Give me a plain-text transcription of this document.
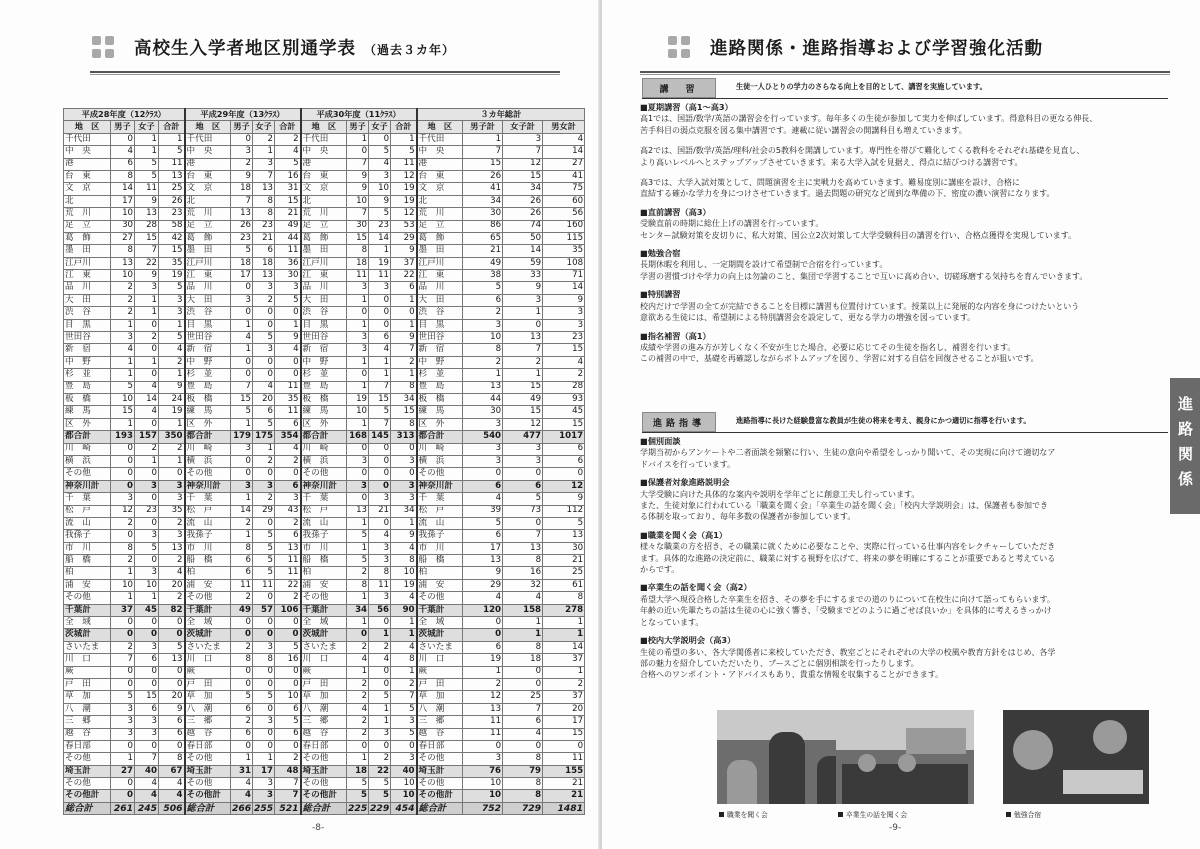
高校生入学者地区別通学表 （過去３カ年）
平成28年度（12ｸﾗｽ）				平成29年度（13ｸﾗｽ）				平成30年度（11ｸﾗｽ）				３カ年総計			
地　区	男子	女子	合計	地　区	男子	女子	合計	地　区	男子	女子	合計	地　区	男子計	女子計	男女計
千代田	0	1	1	千代田	0	2	2	千代田	1	0	1	千代田	1	3	4
中　央	4	1	5	中　央	3	1	4	中　央	0	5	5	中　央	7	7	14
港	6	5	11	港	2	3	5	港	7	4	11	港	15	12	27
台　東	8	5	13	台　東	9	7	16	台　東	9	3	12	台　東	26	15	41
文　京	14	11	25	文　京	18	13	31	文　京	9	10	19	文　京	41	34	75
北	17	9	26	北	7	8	15	北	10	9	19	北	34	26	60
荒　川	10	13	23	荒　川	13	8	21	荒　川	7	5	12	荒　川	30	26	56
足　立	30	28	58	足　立	26	23	49	足　立	30	23	53	足　立	86	74	160
葛　飾	27	15	42	葛　飾	23	21	44	葛　飾	15	14	29	葛　飾	65	50	115
墨　田	8	7	15	墨　田	5	6	11	墨　田	8	1	9	墨　田	21	14	35
江戸川	13	22	35	江戸川	18	18	36	江戸川	18	19	37	江戸川	49	59	108
江　東	10	9	19	江　東	17	13	30	江　東	11	11	22	江　東	38	33	71
品　川	2	3	5	品　川	0	3	3	品　川	3	3	6	品　川	5	9	14
大　田	2	1	3	大　田	3	2	5	大　田	1	0	1	大　田	6	3	9
渋　谷	2	1	3	渋　谷	0	0	0	渋　谷	0	0	0	渋　谷	2	1	3
目　黒	1	0	1	目　黒	1	0	1	目　黒	1	0	1	目　黒	3	0	3
世田谷	3	2	5	世田谷	4	5	9	世田谷	3	6	9	世田谷	10	13	23
新　宿	4	0	4	新　宿	1	3	4	新　宿	3	4	7	新　宿	8	7	15
中　野	1	1	2	中　野	0	0	0	中　野	1	1	2	中　野	2	2	4
杉　並	1	0	1	杉　並	0	0	0	杉　並	0	1	1	杉　並	1	1	2
豊　島	5	4	9	豊　島	7	4	11	豊　島	1	7	8	豊　島	13	15	28
板　橋	10	14	24	板　橋	15	20	35	板　橋	19	15	34	板　橋	44	49	93
練　馬	15	4	19	練　馬	5	6	11	練　馬	10	5	15	練　馬	30	15	45
区　外	1	0	1	区　外	1	5	6	区　外	1	7	8	区　外	3	12	15
都合計	193	157	350	都合計	179	175	354	都合計	168	145	313	都合計	540	477	1017
川　崎	0	2	2	川　崎	3	1	4	川　崎	0	0	0	川　崎	3	3	6
横　浜	0	1	1	横　浜	0	2	2	横　浜	3	0	3	横　浜	3	3	6
その他	0	0	0	その他	0	0	0	その他	0	0	0	その他	0	0	0
神奈川計	0	3	3	神奈川計	3	3	6	神奈川計	3	0	3	神奈川計	6	6	12
千　葉	3	0	3	千　葉	1	2	3	千　葉	0	3	3	千　葉	4	5	9
松　戸	12	23	35	松　戸	14	29	43	松　戸	13	21	34	松　戸	39	73	112
流　山	2	0	2	流　山	2	0	2	流　山	1	0	1	流　山	5	0	5
我孫子	0	3	3	我孫子	1	5	6	我孫子	5	4	9	我孫子	6	7	13
市　川	8	5	13	市　川	8	5	13	市　川	1	3	4	市　川	17	13	30
船　橋	2	0	2	船　橋	6	5	11	船　橋	5	3	8	船　橋	13	8	21
柏	1	3	4	柏	6	5	11	柏	2	8	10	柏	9	16	25
浦　安	10	10	20	浦　安	11	11	22	浦　安	8	11	19	浦　安	29	32	61
その他	1	1	2	その他	2	0	2	その他	1	3	4	その他	4	4	8
千葉計	37	45	82	千葉計	49	57	106	千葉計	34	56	90	千葉計	120	158	278
全　域	0	0	0	全　域	0	0	0	全　域	1	0	1	全　域	0	1	1
茨城計	0	0	0	茨城計	0	0	0	茨城計	0	1	1	茨城計	0	1	1
さいたま	2	3	5	さいたま	2	3	5	さいたま	2	2	4	さいたま	6	8	14
川　口	7	6	13	川　口	8	8	16	川　口	4	4	8	川　口	19	18	37
蕨	0	0	0	蕨	0	0	0	蕨	1	0	1	蕨	1	0	1
戸　田	0	0	0	戸　田	0	0	0	戸　田	2	0	2	戸　田	2	0	2
草　加	5	15	20	草　加	5	5	10	草　加	2	5	7	草　加	12	25	37
八　潮	3	6	9	八　潮	6	0	6	八　潮	4	1	5	八　潮	13	7	20
三　郷	3	3	6	三　郷	2	3	5	三　郷	2	1	3	三　郷	11	6	17
越　谷	3	3	6	越　谷	6	0	6	越　谷	2	3	5	越　谷	11	4	15
春日部	0	0	0	春日部	0	0	0	春日部	0	0	0	春日部	0	0	0
その他	1	7	8	その他	1	1	2	その他	1	2	3	その他	3	8	11
埼玉計	27	40	67	埼玉計	31	17	48	埼玉計	18	22	40	埼玉計	76	79	155
その他	0	4	4	その他	4	3	7	その他	5	5	10	その他	10	8	21
その他計	0	4	4	その他計	4	3	7	その他計	5	5	10	その他計	10	8	21
総合計	261	245	506	総合計	266	255	521	総合計	225	229	454	総合計	752	729	1481
-8-
進路関係・進路指導および学習強化活動
講　習	生徒一人ひとりの学力のさらなる向上を目的として、講習を実施しています。

■夏期講習（高1～高3）

高1では、国語/数学/英語の講習会を行っています。毎年多くの生徒が参加して実力を伸ばしています。得意科目の更なる伸長、

苦手科目の弱点克服を図る集中講習です。連載に従い講習会の開講科目も増えていきます。

高2では、国語/数学/英語/理科/社会の5教科を開講しています。専門性を帯びて難化してくる教科をそれぞれ基礎を見直し、

より高いレベルへとステップアップさせていきます。来る大学入試を見据え、得点に結びつける講習です。

高3では、大学入試対策として、問題演習を主に実戦力を高めていきます。難易度別に講座を設け、合格に

直結する確かな学力を身につけさせていきます。過去問題の研究など周到な準備の下、密度の濃い演習になります。

■直前講習（高3）

受験直前の時期に総仕上げの講習を行っています。

センター試験対策を皮切りに、私大対策、国公立2次対策して大学受験科目の講習を行い、合格点獲得を実現しています。

■勉強合宿

長期休暇を利用し、一定期間を設けて希望制で合宿を行っています。

学習の習慣づけや学力の向上は勿論のこと、集団で学習することで互いに高め合い、切磋琢磨する気持ちを育んでいきます。

■特別講習

校内だけで学習の全てが完結できることを目標に講習も位置付けています。授業以上に発展的な内容を身につけたいという

意欲ある生徒には、希望制による特別講習会を設定して、更なる学力の増強を図っています。

■指名補習（高1）

成績や学習の進み方が芳しくなく不安が生じた場合、必要に応じてその生徒を指名し、補習を行います。

この補習の中で、基礎を再確認しながらボトムアップを図り、学習に対する自信を回復させることが狙いです。

進路指導	進路指導に長けた経験豊富な教員が生徒の将来を考え、親身にかつ適切に指導を行います。

■個別面談

学期当初からアンケートや二者面談を頻繁に行い、生徒の意向や希望をしっかり聞いて、その実現に向けて適切なア

ドバイスを行っています。

■保護者対象進路説明会

大学受験に向けた具体的な案内や説明を学年ごとに創意工夫し行っています。

また、生徒対象に行われている「職業を聞く会」「卒業生の話を聞く会」「校内大学説明会」は、保護者も参加でき

る体制を取っており、毎年多数の保護者が参加しています。

■職業を聞く会（高1）

様々な職業の方を招き、その職業に就くために必要なことや、実際に行っている仕事内容をレクチャーしていただき

ます。具体的な進路の決定前に、職業に対する視野を広げて、将来の夢を明確にすることが重要であると考えている

からです。

■卒業生の話を聞く会（高2）

希望大学へ現役合格した卒業生を招き、その夢を手にするまでの道のりについて在校生に向けて語ってもらいます。

年齢の近い先輩たちの話は生徒の心に強く響き、「受験までどのように過ごせば良いか」を具体的に考えるきっかけ

となっています。

■校内大学説明会（高3）

生徒の希望の多い、各大学関係者に来校していただき、教室ごとにそれぞれの大学の校風や教育方針をはじめ、各学

部の魅力を紹介していただいたり、ブースごとに個別相談を行ったりします。

合格へのワンポイント・アドバイスもあり、貴重な情報を収集することができます。

職業を聞く会	卒業生の話を聞く会	勉強合宿
-9-
進路関係
